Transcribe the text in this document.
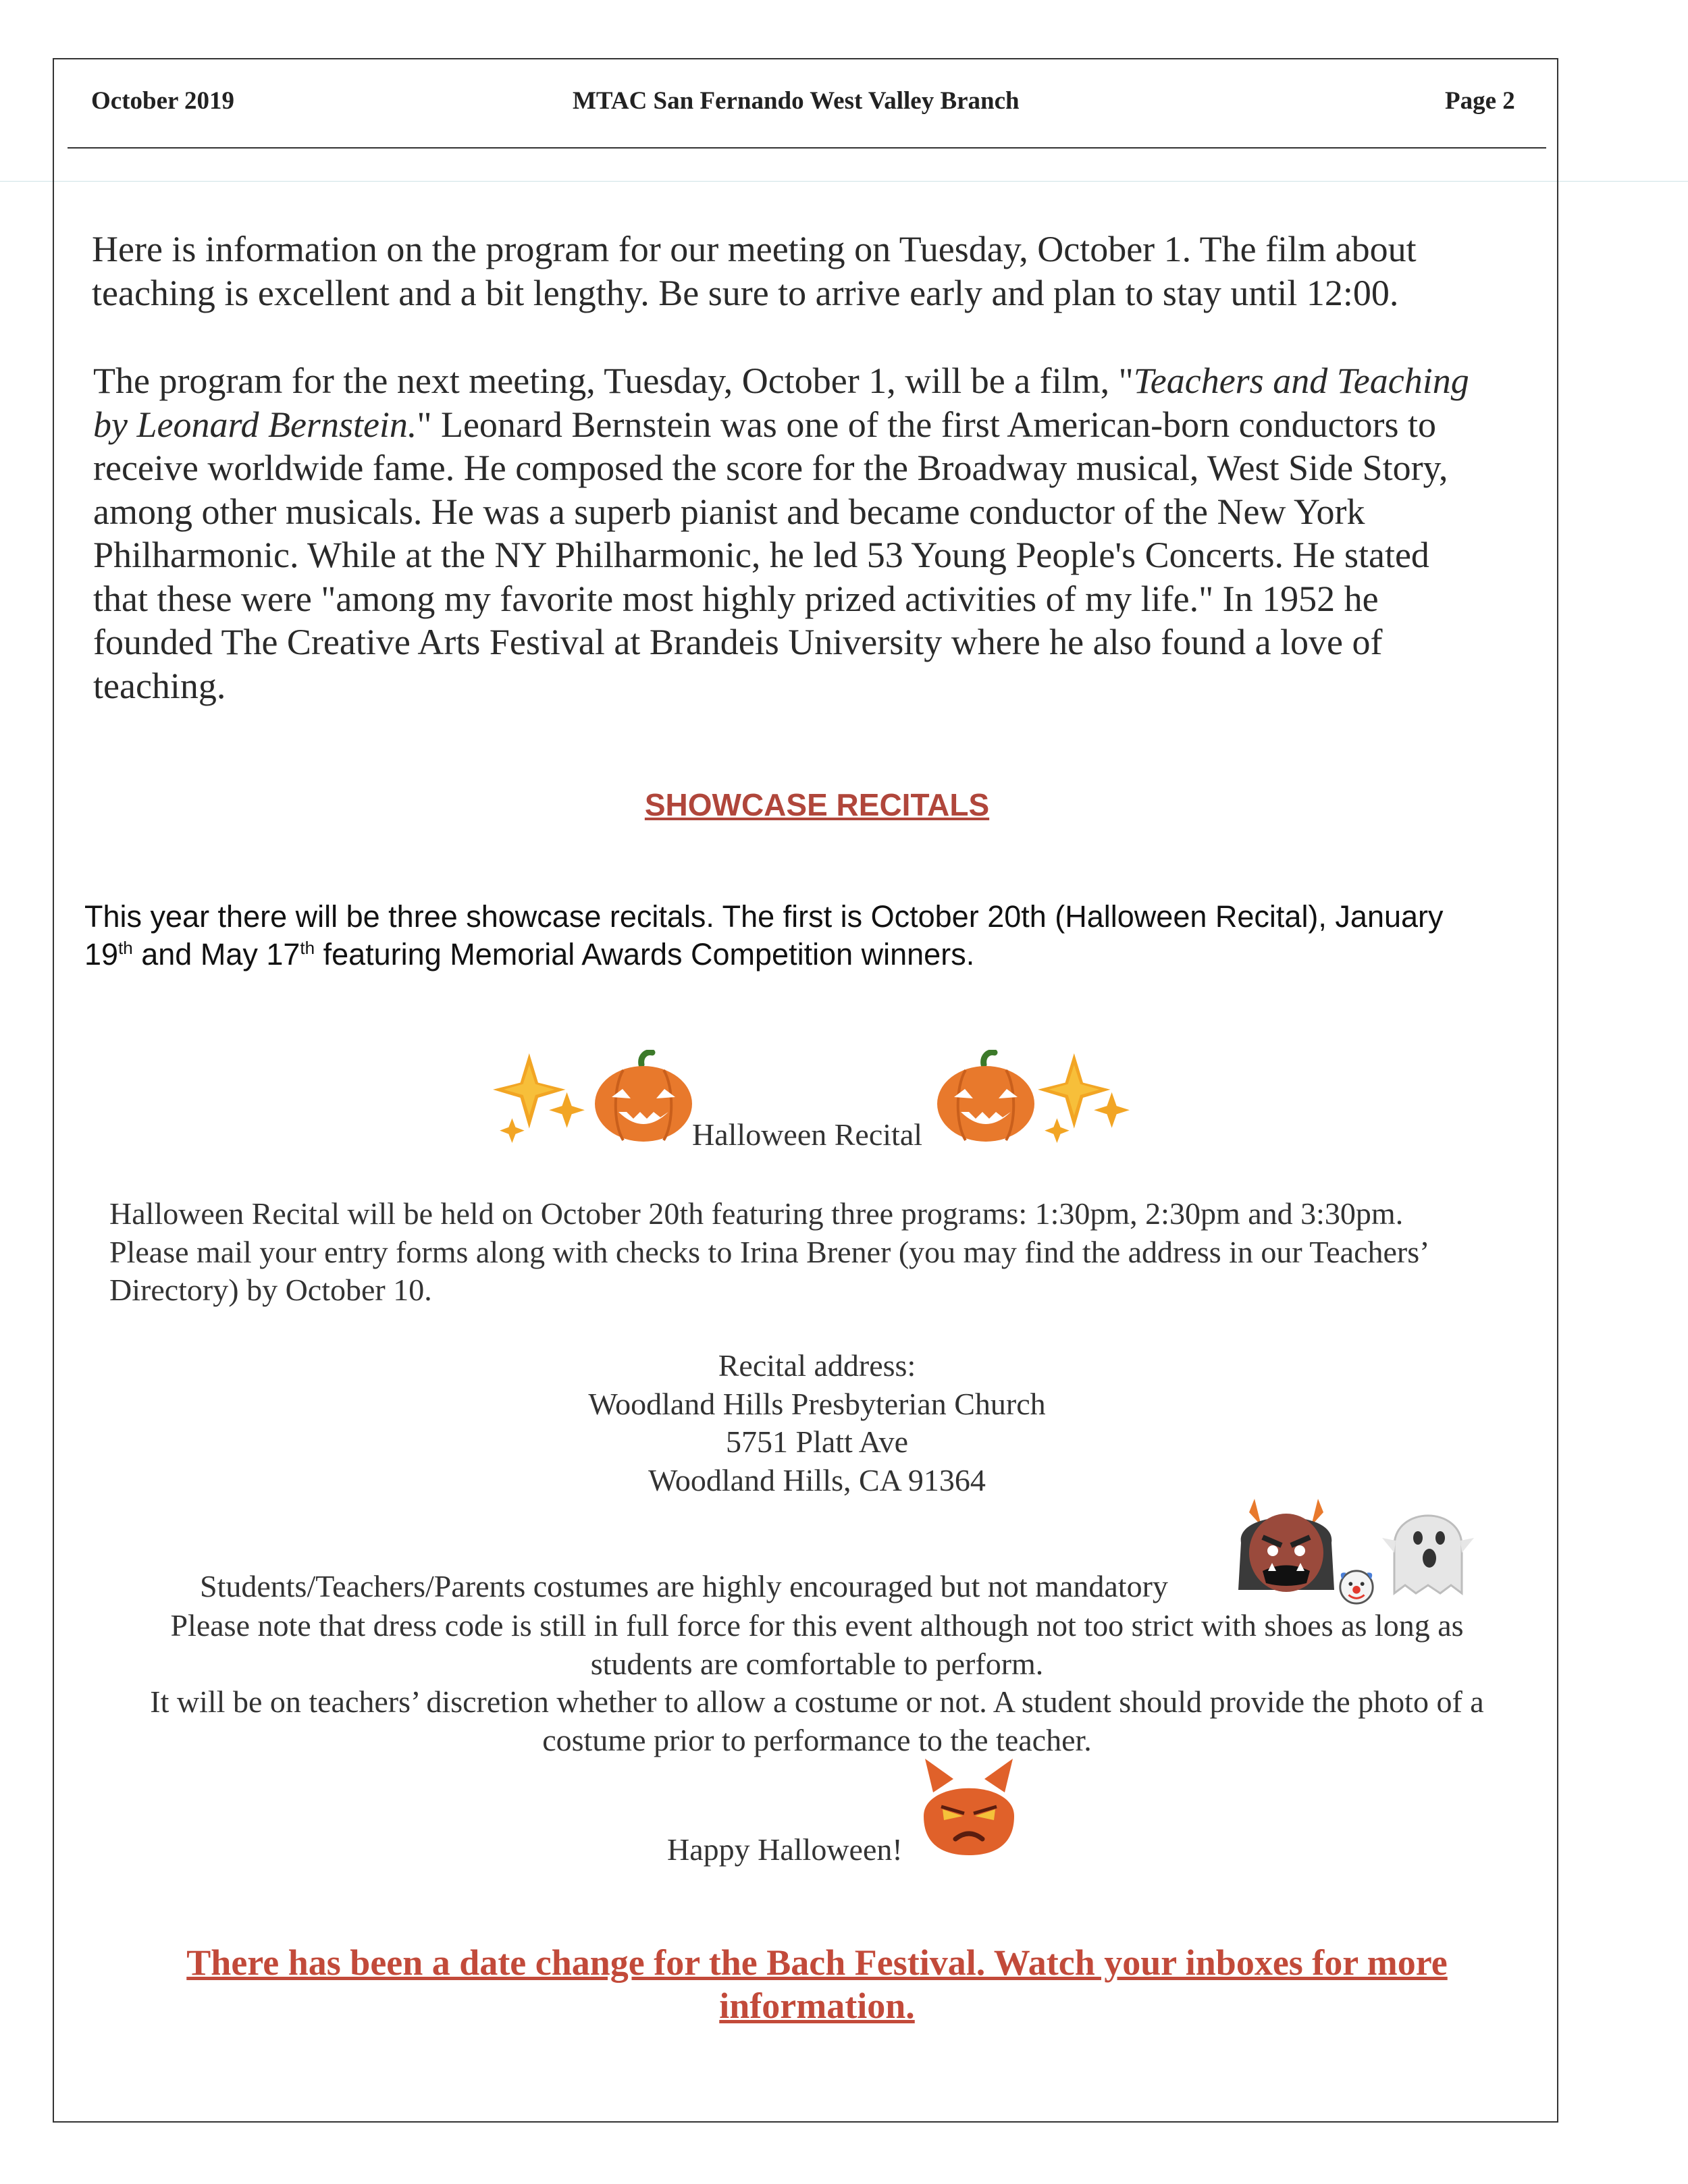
October 2019	MTAC San Fernando West Valley Branch	Page 2
Here is information on the program for our meeting on Tuesday, October 1. The film about
teaching is excellent and a bit lengthy. Be sure to arrive early and plan to stay until 12:00.
The program for the next meeting, Tuesday, October 1, will be a film, "Teachers and Teaching
by Leonard Bernstein." Leonard Bernstein was one of the first American-born conductors to
receive worldwide fame. He composed the score for the Broadway musical, West Side Story,
among other musicals. He was a superb pianist and became conductor of the New York
Philharmonic. While at the NY Philharmonic, he led 53 Young People's Concerts. He stated
that these were "among my favorite most highly prized activities of my life." In 1952 he
founded The Creative Arts Festival at Brandeis University where he also found a love of
teaching.
SHOWCASE RECITALS
This year there will be three showcase recitals. The first is October 20th (Halloween Recital), January
19th and May 17th featuring Memorial Awards Competition winners.
Halloween Recital
Halloween Recital will be held on October 20th featuring three programs: 1:30pm, 2:30pm and 3:30pm.
Please mail your entry forms along with checks to Irina Brener (you may find the address in our Teachers’
Directory) by October 10.
Recital address:
Woodland Hills Presbyterian Church
5751 Platt Ave
Woodland Hills, CA 91364
Students/Teachers/Parents costumes are highly encouraged but not mandatory
Please note that dress code is still in full force for this event although not too strict with shoes as long as
students are comfortable to perform.
It will be on teachers’ discretion whether to allow a costume or not. A student should provide the photo of a
costume prior to performance to the teacher.
Happy Halloween!
There has been a date change for the Bach Festival. Watch your inboxes for more
information.
